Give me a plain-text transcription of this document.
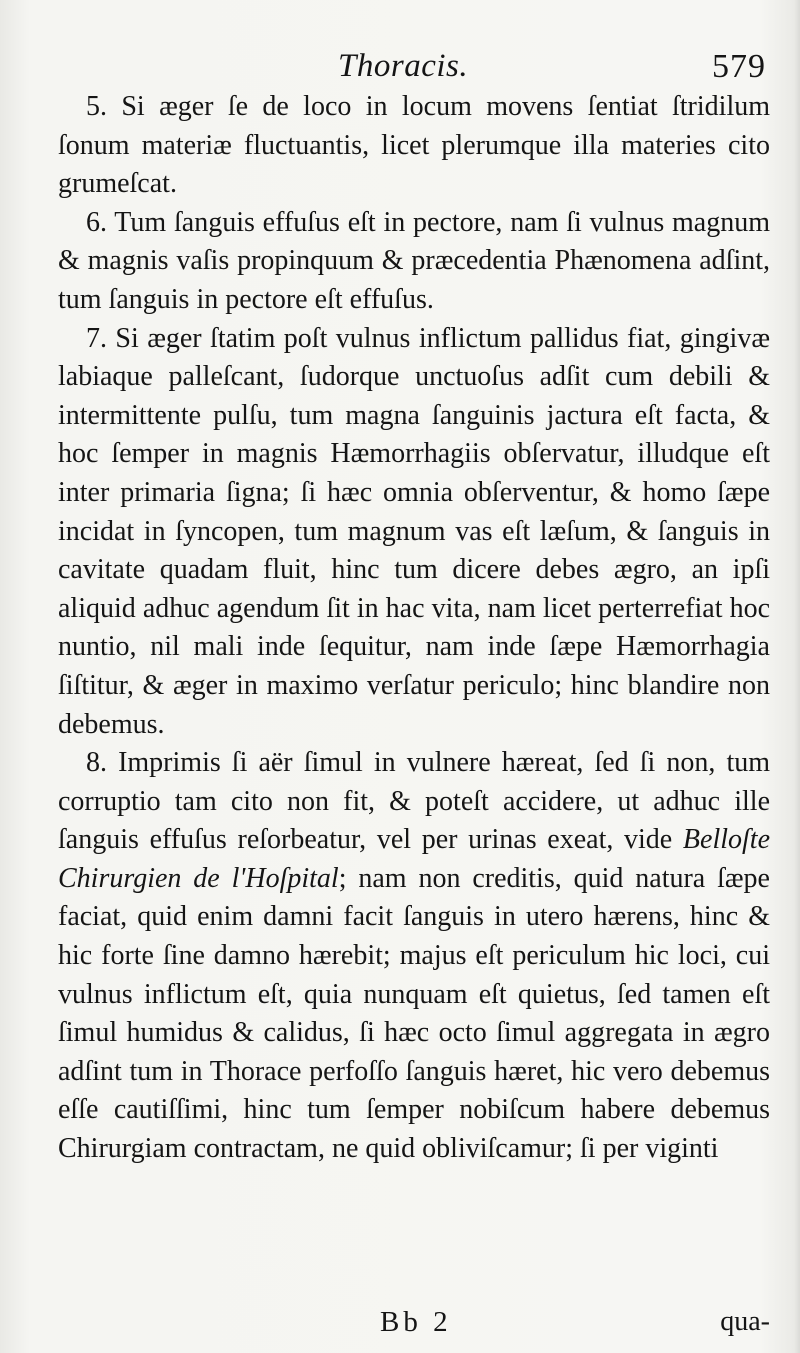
Thoracis.	579

5. Si æger ſe de loco in locum movens ſentiat ſtridilum ſonum materiæ fluctuantis, licet plerumque illa materies cito grumeſcat.

6. Tum ſanguis effuſus eſt in pectore, nam ſi vulnus magnum & magnis vaſis propinquum & præcedentia Phænomena adſint, tum ſanguis in pectore eſt effuſus.

7. Si æger ſtatim poſt vulnus inflictum pallidus fiat, gingivæ labiaque palleſcant, ſudorque unctuoſus adſit cum debili & intermittente pulſu, tum magna ſanguinis jactura eſt facta, & hoc ſemper in magnis Hæmorrhagiis obſervatur, illudque eſt inter primaria ſigna; ſi hæc omnia obſerventur, & homo ſæpe incidat in ſyncopen, tum magnum vas eſt læſum, & ſanguis in cavitate quadam fluit, hinc tum dicere debes ægro, an ipſi aliquid adhuc agendum ſit in hac vita, nam licet perterrefiat hoc nuntio, nil mali inde ſequitur, nam inde ſæpe Hæmorrhagia ſiſtitur, & æger in maximo verſatur periculo; hinc blandire non debemus.

8. Imprimis ſi aër ſimul in vulnere hæreat, ſed ſi non, tum corruptio tam cito non fit, & poteſt accidere, ut adhuc ille ſanguis effuſus reſorbeatur, vel per urinas exeat, vide Belloſte Chirurgien de l'Hoſpital; nam non creditis, quid natura ſæpe faciat, quid enim damni facit ſanguis in utero hærens, hinc & hic forte ſine damno hærebit; majus eſt periculum hic loci, cui vulnus inflictum eſt, quia nunquam eſt quietus, ſed tamen eſt ſimul humidus & calidus, ſi hæc octo ſimul aggregata in ægro adſint tum in Thorace perfoſſo ſanguis hæret, hic vero debemus eſſe cautiſſimi, hinc tum ſemper nobiſcum habere debemus Chirurgiam contractam, ne quid obliviſcamur; ſi per viginti

Bb 2	qua-
